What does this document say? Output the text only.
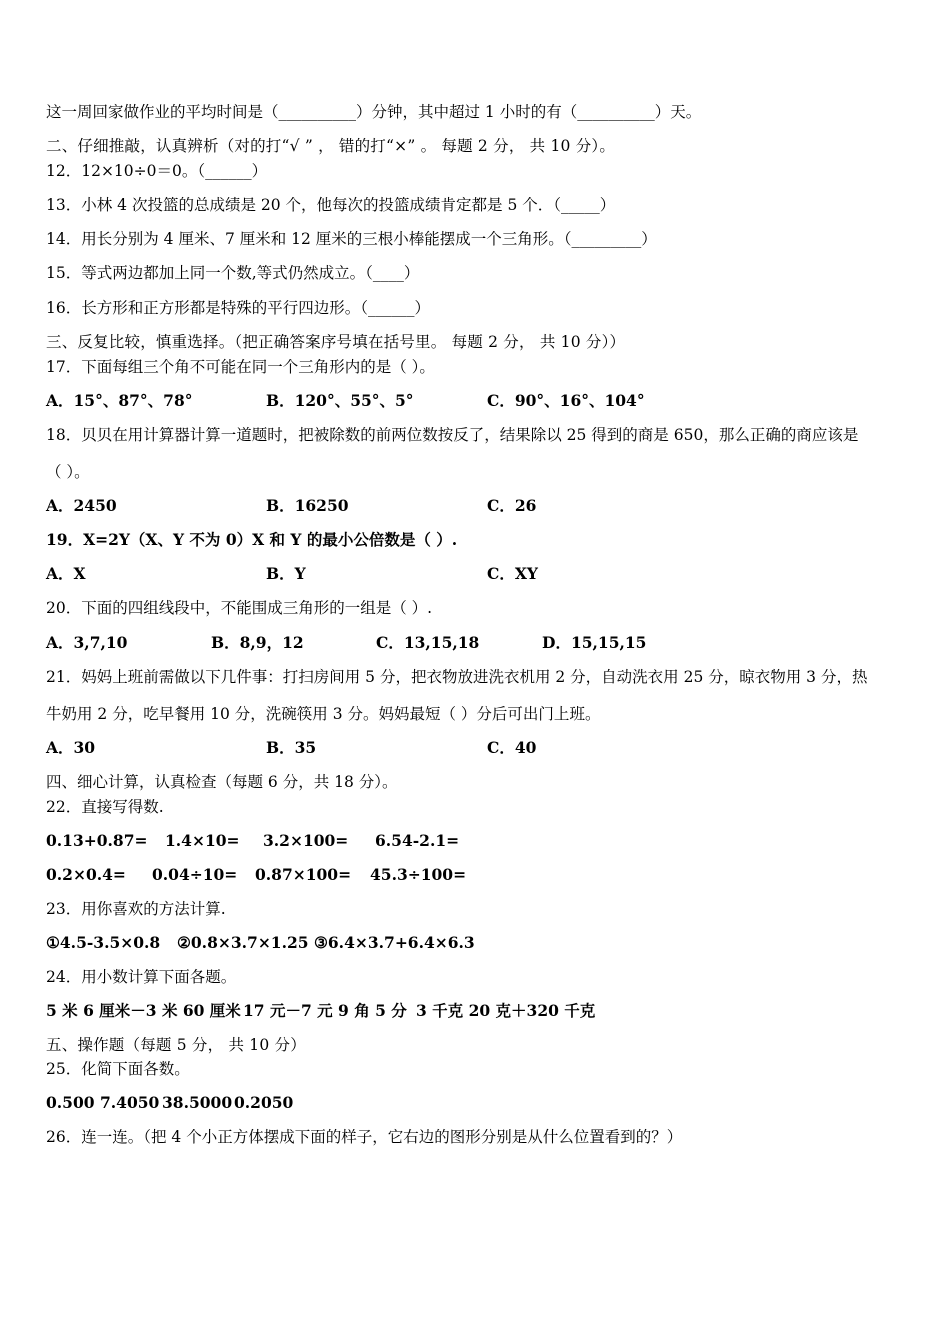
这一周回家做作业的平均时间是（__________）分钟，其中超过 1 小时的有（__________）天。
二、仔细推敲，认真辨析（对的打“√ ” ， 错的打“×” 。 每题 2 分， 共 10 分）。
12．12×10÷0＝0。（______）
13．小林 4 次投篮的总成绩是 20 个，他每次的投篮成绩肯定都是 5 个．（_____）
14．用长分别为 4 厘米、7 厘米和 12 厘米的三根小棒能摆成一个三角形。（_________）
15．等式两边都加上同一个数,等式仍然成立。（____）
16．长方形和正方形都是特殊的平行四边形。（______）
三、反复比较，慎重选择。（把正确答案序号填在括号里。 每题 2 分， 共 10 分））
17．下面每组三个角不可能在同一个三角形内的是（ ）。
A．15°、87°、78°	B．120°、55°、5°	C．90°、16°、104°
18．贝贝在用计算器计算一道题时，把被除数的前两位数按反了，结果除以 25 得到的商是 650，那么正确的商应该是
（ ）。
A．2450	B．16250	C．26
19．X=2Y（X、Y 不为 0）X 和 Y 的最小公倍数是（ ）.
A．X	B．Y	C．XY
20．下面的四组线段中，不能围成三角形的一组是（ ）.
A．3,7,10	B．8,9，12	C．13,15,18	D．15,15,15
21．妈妈上班前需做以下几件事：打扫房间用 5 分，把衣物放进洗衣机用 2 分，自动洗衣用 25 分，晾衣物用 3 分，热
牛奶用 2 分，吃早餐用 10 分，洗碗筷用 3 分。妈妈最短（ ）分后可出门上班。
A．30	B．35	C．40
四、细心计算，认真检查（每题 6 分，共 18 分）。
22．直接写得数.
0.13+0.87= 1.4×10= 3.2×100= 6.54-2.1=
0.2×0.4= 0.04÷10= 0.87×100= 45.3÷100=
23．用你喜欢的方法计算.
①4.5-3.5×0.8 ②0.8×3.7×1.25 ③6.4×3.7+6.4×6.3
24．用小数计算下面各题。
5 米 6 厘米－3 米 60 厘米 17 元－7 元 9 角 5 分 3 千克 20 克＋320 千克
五、操作题（每题 5 分， 共 10 分）
25．化简下面各数。
0.500 7.4050 38.5000 0.2050
26．连一连。（把 4 个小正方体摆成下面的样子，它右边的图形分别是从什么位置看到的？）
